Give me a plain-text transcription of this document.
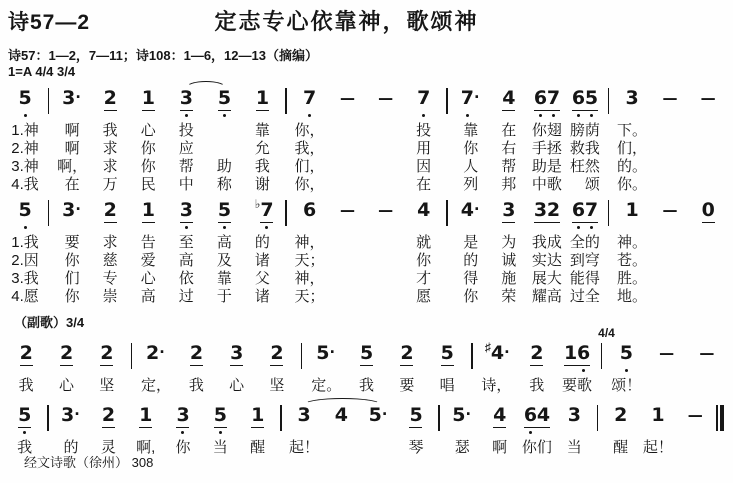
诗57—2	定志专心依靠神，歌颂神
诗57：1—2，7—11；诗108：1—6，12—13（摘编）
1=A 4/4 3/4
5
1.神
2.神
3.神
4.我
3 ·
啊
啊
啊，
在
2
我
求
求
万
1
心
你
你
民
3
投
应
帮
中
5
助
称
1
靠
允
我
谢
7
你，
我，
们，
你，
— — 7
投
用
因
在
7 ·
靠
你
人
列
4
在
右
帮
邦
6 7
你翅
手拯
助是
中歌
6 5
膀荫
救我
枉然
　颂
3
下。
们，
的。
你。
— —
5
1.我
2.因
3.我
4.愿
3 ·
要
你
们
你
2
求
慈
专
崇
1
告
爱
心
高
3
至
高
依
过
5
高
及
靠
于
♭ 7
的
诸
父
诸
6
神，
天；
神，
天；
— — 4
就
你
才
愿
4 ·
是
的
得
你
3
为
诚
施
荣
3 2
我成
实达
展大
耀高
6 7
全的
到穹
能得
过全
1
神。
苍。
胜。
地。
— 0
（副歌）3/4
2
我
2
心
2
坚
2 ·
定，
2
我
3
心
2
坚
5 ·
定。
5
我
2
要
5
唱
♯ 4 ·
诗，
2
我
1 6
要歌
4/4
5
颂！
— —
5
我
3 ·
的
2
灵
1
啊,
3
你
5
当
1
醒
3
起！
4 5 · 5
琴
5 ·
瑟
4
啊
6 4
你们
3
当
2
醒
1
起！
—
经文诗歌（徐州） 308
